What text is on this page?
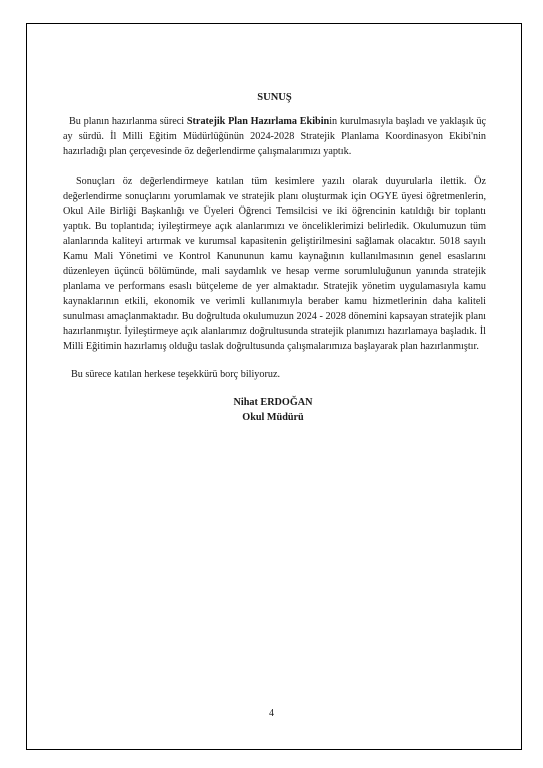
SUNUŞ

Bu planın hazırlanma süreci Stratejik Plan Hazırlama Ekibinin kurulmasıyla başladı ve yaklaşık üç ay sürdü. İl Milli Eğitim Müdürlüğünün 2024-2028 Stratejik Planlama Koordinasyon Ekibi'nin hazırladığı plan çerçevesinde öz değerlendirme çalışmalarımızı yaptık.

Sonuçları öz değerlendirmeye katılan tüm kesimlere yazılı olarak duyurularla ilettik. Öz değerlendirme sonuçlarını yorumlamak ve stratejik planı oluşturmak için OGYE üyesi öğretmenlerin, Okul Aile Birliği Başkanlığı ve Üyeleri Öğrenci Temsilcisi ve iki öğrencinin katıldığı bir toplantı yaptık. Bu toplantıda; iyileştirmeye açık alanlarımızı ve önceliklerimizi belirledik. Okulumuzun tüm alanlarında kaliteyi artırmak ve kurumsal kapasitenin geliştirilmesini sağlamak olacaktır. 5018 sayılı Kamu Mali Yönetimi ve Kontrol Kanununun kamu kaynağının kullanılmasının genel esaslarını düzenleyen üçüncü bölümünde, mali saydamlık ve hesap verme sorumluluğunun yanında stratejik planlama ve performans esaslı bütçeleme de yer almaktadır. Stratejik yönetim uygulamasıyla kamu kaynaklarının etkili, ekonomik ve verimli kullanımıyla beraber kamu hizmetlerinin daha kaliteli sunulması amaçlanmaktadır. Bu doğrultuda okulumuzun 2024 - 2028 dönemini kapsayan stratejik planı hazırlanmıştır. İyileştirmeye açık alanlarımız doğrultusunda stratejik planımızı hazırlamaya başladık. İl Milli Eğitimin hazırlamış olduğu taslak doğrultusunda çalışmalarımıza başlayarak plan hazırlanmıştır.

Bu sürece katılan herkese teşekkürü borç biliyoruz.

Nihat ERDOĞAN
Okul Müdürü
4
